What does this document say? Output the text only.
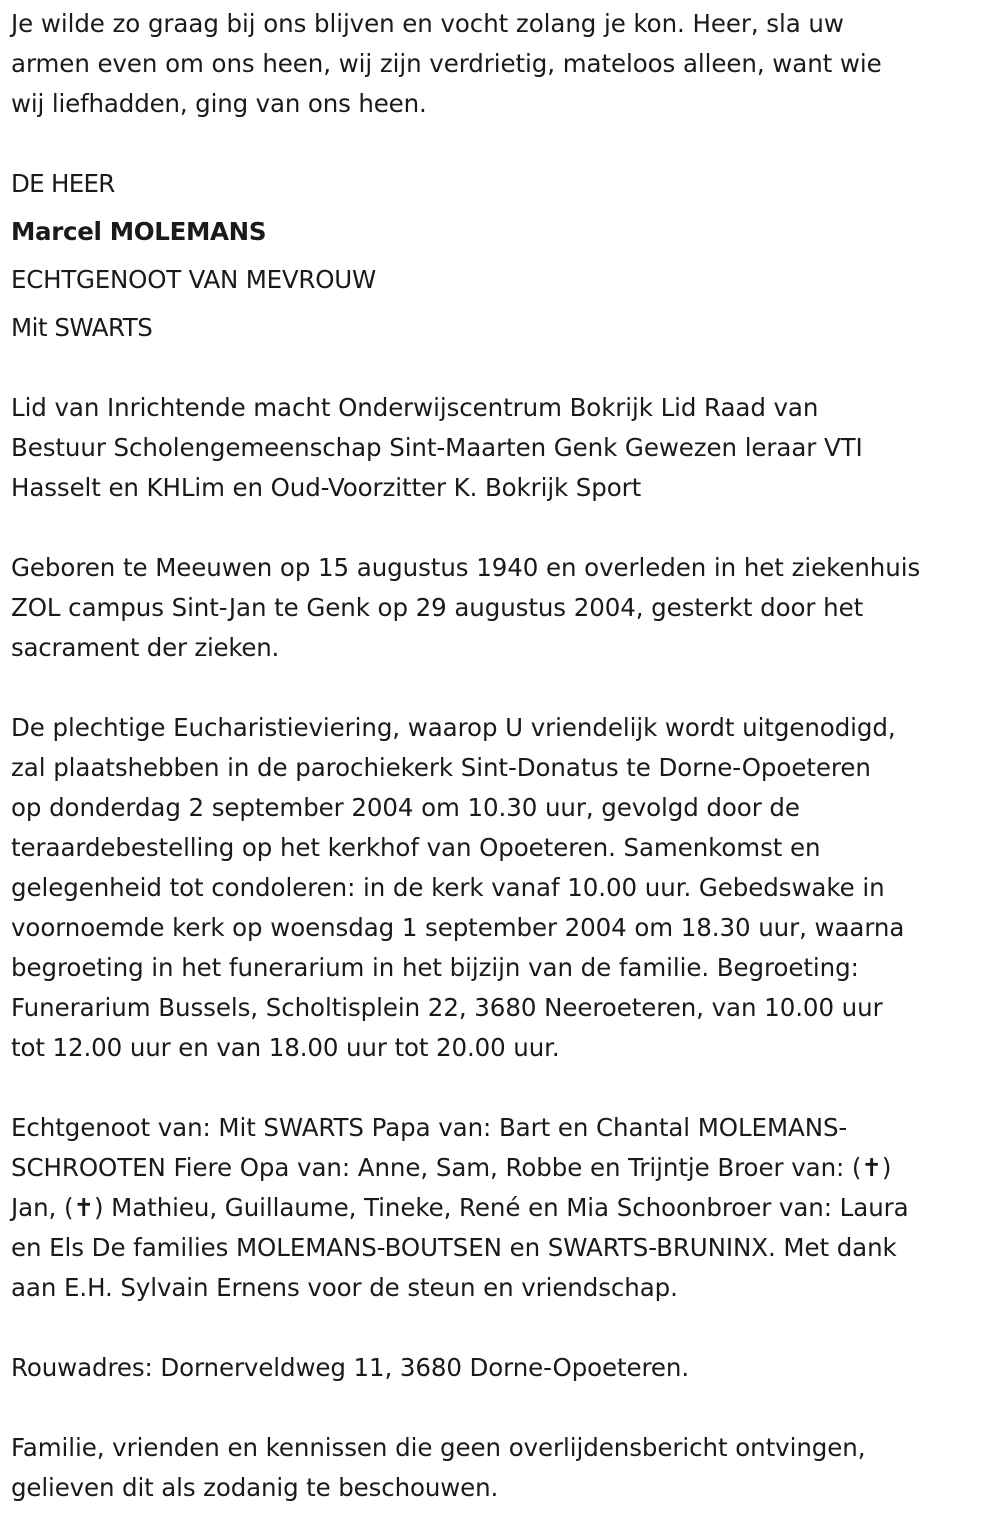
Je wilde zo graag bij ons blijven en vocht zolang je kon. Heer, sla uw
armen even om ons heen, wij zijn verdrietig, mateloos alleen, want wie
wij liefhadden, ging van ons heen.
DE HEER
Marcel MOLEMANS
ECHTGENOOT VAN MEVROUW
Mit SWARTS
Lid van Inrichtende macht Onderwijscentrum Bokrijk Lid Raad van
Bestuur Scholengemeenschap Sint-Maarten Genk Gewezen leraar VTI
Hasselt en KHLim en Oud-Voorzitter K. Bokrijk Sport
Geboren te Meeuwen op 15 augustus 1940 en overleden in het ziekenhuis
ZOL campus Sint-Jan te Genk op 29 augustus 2004, gesterkt door het
sacrament der zieken.
De plechtige Eucharistieviering, waarop U vriendelijk wordt uitgenodigd,
zal plaatshebben in de parochiekerk Sint-Donatus te Dorne-Opoeteren
op donderdag 2 september 2004 om 10.30 uur, gevolgd door de
teraardebestelling op het kerkhof van Opoeteren. Samenkomst en
gelegenheid tot condoleren: in de kerk vanaf 10.00 uur. Gebedswake in
voornoemde kerk op woensdag 1 september 2004 om 18.30 uur, waarna
begroeting in het funerarium in het bijzijn van de familie. Begroeting:
Funerarium Bussels, Scholtisplein 22, 3680 Neeroeteren, van 10.00 uur
tot 12.00 uur en van 18.00 uur tot 20.00 uur.
Echtgenoot van: Mit SWARTS Papa van: Bart en Chantal MOLEMANS-
SCHROOTEN Fiere Opa van: Anne, Sam, Robbe en Trijntje Broer van: (✝)
Jan, (✝) Mathieu, Guillaume, Tineke, René en Mia Schoonbroer van: Laura
en Els De families MOLEMANS-BOUTSEN en SWARTS-BRUNINX. Met dank
aan E.H. Sylvain Ernens voor de steun en vriendschap.
Rouwadres: Dornerveldweg 11, 3680 Dorne-Opoeteren.
Familie, vrienden en kennissen die geen overlijdensbericht ontvingen,
gelieven dit als zodanig te beschouwen.
